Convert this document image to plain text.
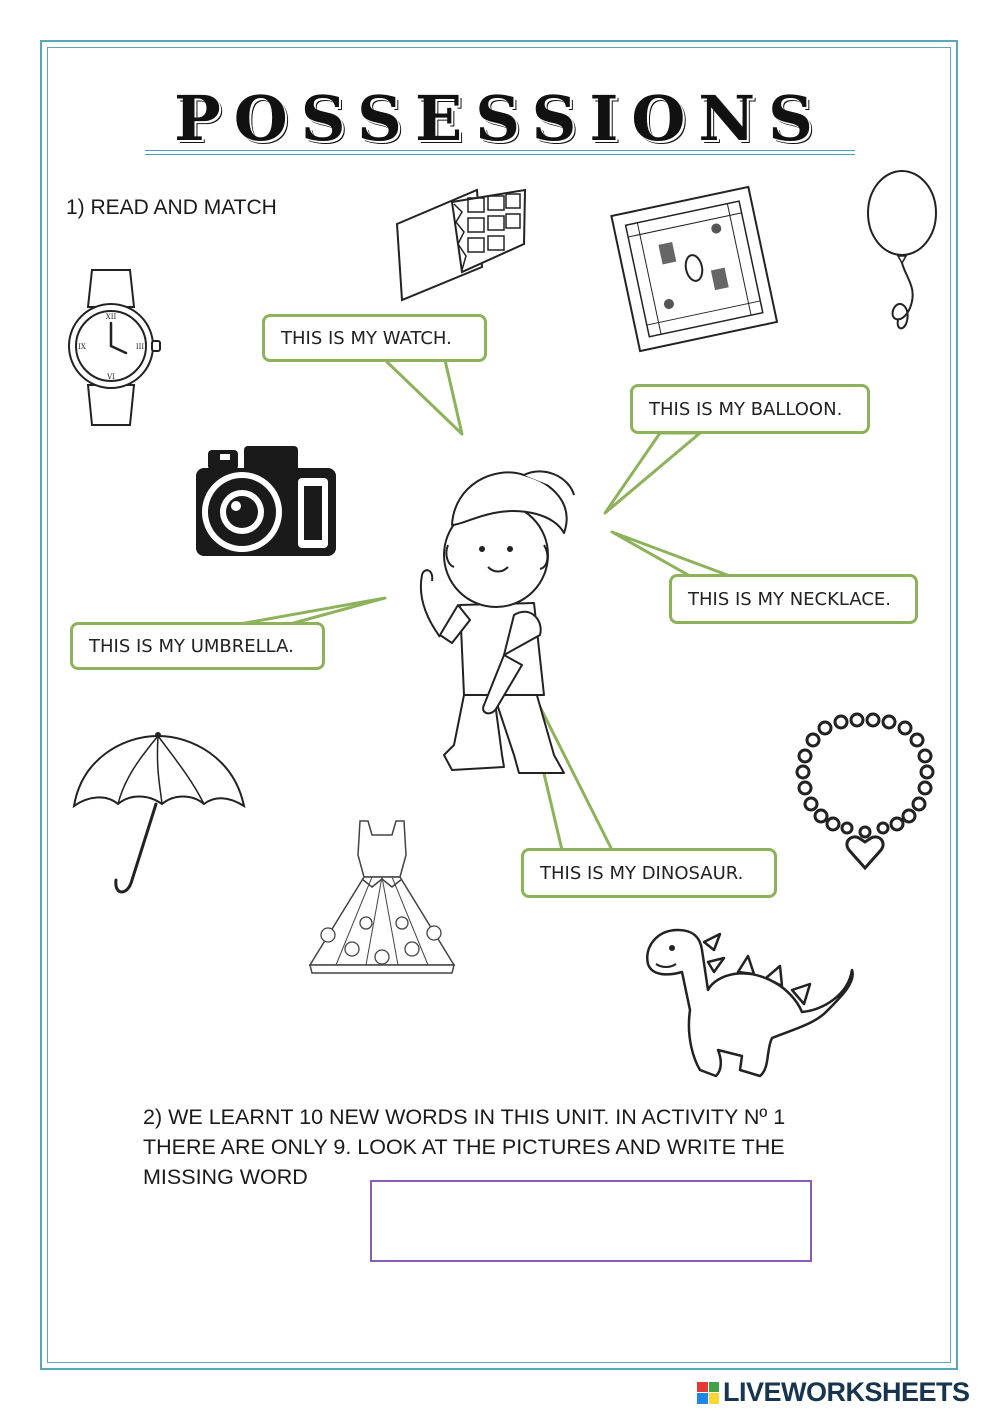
POSSESSIONS
1) READ AND MATCH
THIS IS MY WATCH.
THIS IS MY BALLOON.
THIS IS MY NECKLACE.
THIS IS MY UMBRELLA.
THIS IS MY DINOSAUR.
XII
VI
IX	III
2) WE LEARNT 10 NEW WORDS IN THIS UNIT. IN ACTIVITY Nº 1
THERE ARE ONLY 9. LOOK AT THE PICTURES AND WRITE THE
MISSING WORD
LIVEWORKSHEETS
